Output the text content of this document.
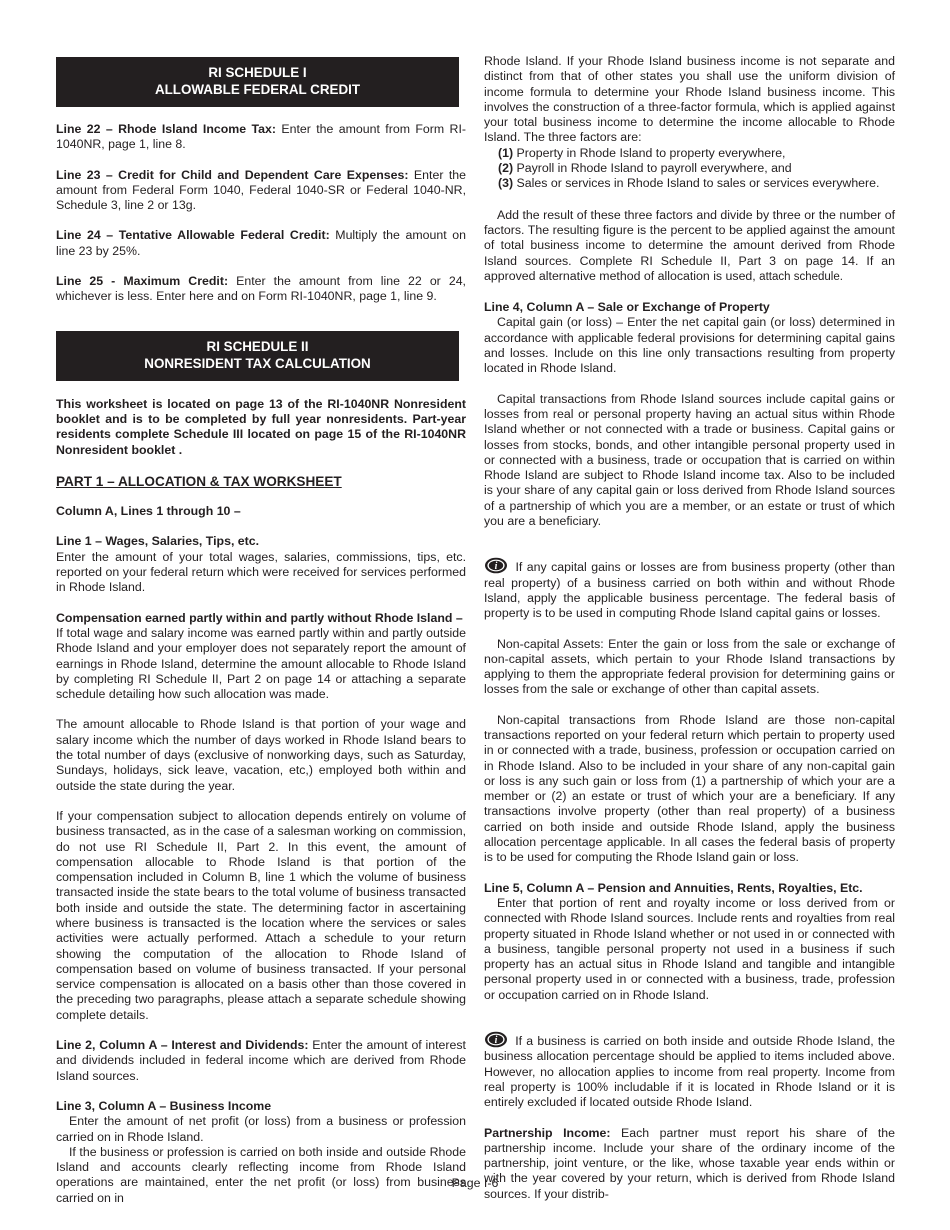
RI SCHEDULE I
ALLOWABLE FEDERAL CREDIT

Line 22 – Rhode Island Income Tax: Enter the amount from Form RI-1040NR, page 1, line 8.

Line 23 – Credit for Child and Dependent Care Expenses: Enter the amount from Federal Form 1040, Federal 1040-SR or Federal 1040-NR, Schedule 3, line 2 or 13g.

Line 24 – Tentative Allowable Federal Credit: Multiply the amount on line 23 by 25%.

Line 25 - Maximum Credit: Enter the amount from line 22 or 24, whichever is less. Enter here and on Form RI-1040NR, page 1, line 9.

RI SCHEDULE II
NONRESIDENT TAX CALCULATION

This worksheet is located on page 13 of the RI-1040NR Nonresident booklet and is to be completed by full year nonresidents. Part-year residents complete Schedule III located on page 15 of the RI-1040NR Nonresident booklet .

PART 1 – ALLOCATION & TAX WORKSHEET

Column A, Lines 1 through 10 –

Line 1 – Wages, Salaries, Tips, etc.

Enter the amount of your total wages, salaries, commissions, tips, etc. reported on your federal return which were received for services performed in Rhode Island.

Compensation earned partly within and partly without Rhode Island –

If total wage and salary income was earned partly within and partly outside Rhode Island and your employer does not separately report the amount of earnings in Rhode Island, determine the amount allocable to Rhode Island by completing RI Schedule II, Part 2 on page 14 or attaching a separate schedule detailing how such allocation was made.

The amount allocable to Rhode Island is that portion of your wage and salary income which the number of days worked in Rhode Island bears to the total number of days (exclusive of nonworking days, such as Saturday, Sundays, holidays, sick leave, vacation, etc,) employed both within and outside the state during the year.

If your compensation subject to allocation depends entirely on volume of business transacted, as in the case of a salesman working on commission, do not use RI Schedule II, Part 2. In this event, the amount of compensation allocable to Rhode Island is that portion of the compensation included in Column B, line 1 which the volume of business transacted inside the state bears to the total volume of business transacted both inside and outside the state. The determining factor in ascertaining where business is transacted is the location where the services or sales activities were actually performed. Attach a schedule to your return showing the computation of the allocation to Rhode Island of compensation based on volume of business transacted. If your personal service compensation is allocated on a basis other than those covered in the preceding two paragraphs, please attach a separate schedule showing complete details.

Line 2, Column A – Interest and Dividends: Enter the amount of interest and dividends included in federal income which are derived from Rhode Island sources.

Line 3, Column A – Business Income

Enter the amount of net profit (or loss) from a business or profession carried on in Rhode Island.

If the business or profession is carried on both inside and outside Rhode Island and accounts clearly reflecting income from Rhode Island operations are maintained, enter the net profit (or loss) from business carried on in

Rhode Island. If your Rhode Island business income is not separate and distinct from that of other states you shall use the uniform division of income formula to determine your Rhode Island business income. This involves the construction of a three-factor formula, which is applied against your total business income to determine the income allocable to Rhode Island. The three factors are:

(1) Property in Rhode Island to property everywhere,
(2) Payroll in Rhode Island to payroll everywhere, and
(3) Sales or services in Rhode Island to sales or services everywhere.

Add the result of these three factors and divide by three or the number of factors. The resulting figure is the percent to be applied against the amount of total business income to determine the amount derived from Rhode Island sources. Complete RI Schedule II, Part 3 on page 14. If an approved alternative method of allocation is used, attach schedule.

Line 4, Column A – Sale or Exchange of Property

Capital gain (or loss) – Enter the net capital gain (or loss) determined in accordance with applicable federal provisions for determining capital gains and losses. Include on this line only transactions resulting from property located in Rhode Island.

Capital transactions from Rhode Island sources include capital gains or losses from real or personal property having an actual situs within Rhode Island whether or not connected with a trade or business. Capital gains or losses from stocks, bonds, and other intangible personal property used in or connected with a business, trade or occupation that is carried on within Rhode Island are subject to Rhode Island income tax. Also to be included is your share of any capital gain or loss derived from Rhode Island sources of a partnership of which you are a member, or an estate or trust of which you are a beneficiary.

i If any capital gains or losses are from business property (other than real property) of a business carried on both within and without Rhode Island, apply the applicable business percentage. The federal basis of property is to be used in computing Rhode Island capital gains or losses.

Non-capital Assets: Enter the gain or loss from the sale or exchange of non-capital assets, which pertain to your Rhode Island transactions by applying to them the appropriate federal provision for determining gains or losses from the sale or exchange of other than capital assets.

Non-capital transactions from Rhode Island are those non-capital transactions reported on your federal return which pertain to property used in or connected with a trade, business, profession or occupation carried on in Rhode Island. Also to be included in your share of any non-capital gain or loss is any such gain or loss from (1) a partnership of which your are a member or (2) an estate or trust of which your are a beneficiary. If any transactions involve property (other than real property) of a business carried on both inside and outside Rhode Island, apply the business allocation percentage applicable. In all cases the federal basis of property is to be used for computing the Rhode Island gain or loss.

Line 5, Column A – Pension and Annuities, Rents, Royalties, Etc.

Enter that portion of rent and royalty income or loss derived from or connected with Rhode Island sources. Include rents and royalties from real property situated in Rhode Island whether or not used in or connected with a business, tangible personal property not used in a business if such property has an actual situs in Rhode Island and tangible and intangible personal property used in or connected with a business, trade, profession or occupation carried on in Rhode Island.

i If a business is carried on both inside and outside Rhode Island, the business allocation percentage should be applied to items included above. However, no allocation applies to income from real property. Income from real property is 100% includable if it is located in Rhode Island or it is entirely excluded if located outside Rhode Island.

Partnership Income: Each partner must report his share of the partnership income. Include your share of the ordinary income of the partnership, joint venture, or the like, whose taxable year ends within or with the year covered by your return, which is derived from Rhode Island sources. If your distrib-

Page I-6
